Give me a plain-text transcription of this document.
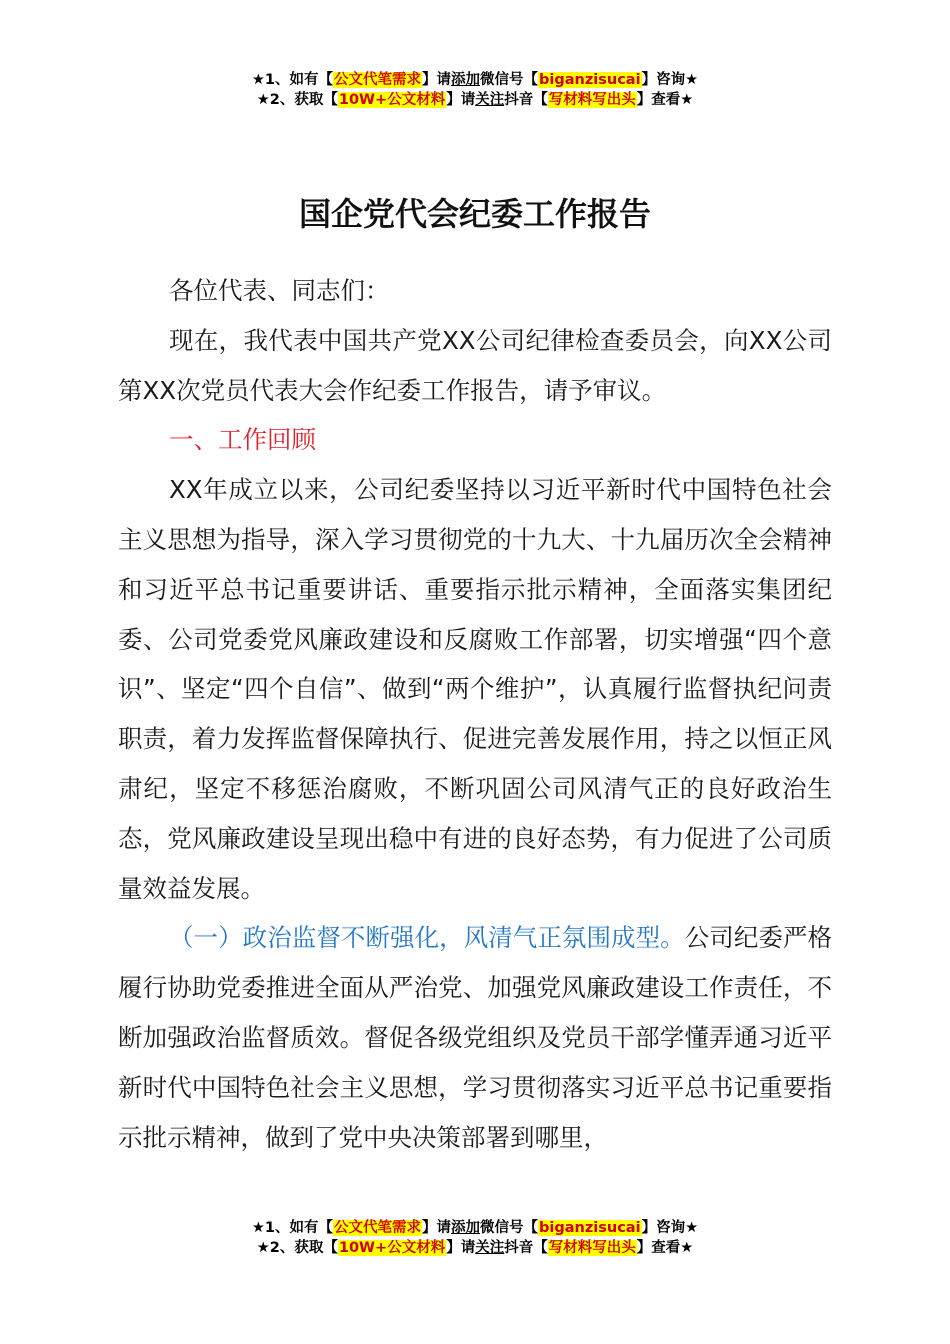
★1、如有【公文代笔需求】请添加微信号【biganzisucai】咨询★
★2、获取【10W+公文材料】请关注抖音【写材料写出头】查看★
国企党代会纪委工作报告

各位代表、同志们：

现在，我代表中国共产党XX公司纪律检查委员会，向XX公司第XX次党员代表大会作纪委工作报告，请予审议。

一、工作回顾

XX年成立以来，公司纪委坚持以习近平新时代中国特色社会主义思想为指导，深入学习贯彻党的十九大、十九届历次全会精神和习近平总书记重要讲话、重要指示批示精神，全面落实集团纪委、公司党委党风廉政建设和反腐败工作部署，切实增强“四个意识”、坚定“四个自信”、做到“两个维护”，认真履行监督执纪问责职责，着力发挥监督保障执行、促进完善发展作用，持之以恒正风肃纪，坚定不移惩治腐败，不断巩固公司风清气正的良好政治生态，党风廉政建设呈现出稳中有进的良好态势，有力促进了公司质量效益发展。

（一）政治监督不断强化，风清气正氛围成型。公司纪委严格履行协助党委推进全面从严治党、加强党风廉政建设工作责任，不断加强政治监督质效。督促各级党组织及党员干部学懂弄通习近平新时代中国特色社会主义思想，学习贯彻落实习近平总书记重要指示批示精神，做到了党中央决策部署到哪里，

★1、如有【公文代笔需求】请添加微信号【biganzisucai】咨询★
★2、获取【10W+公文材料】请关注抖音【写材料写出头】查看★
